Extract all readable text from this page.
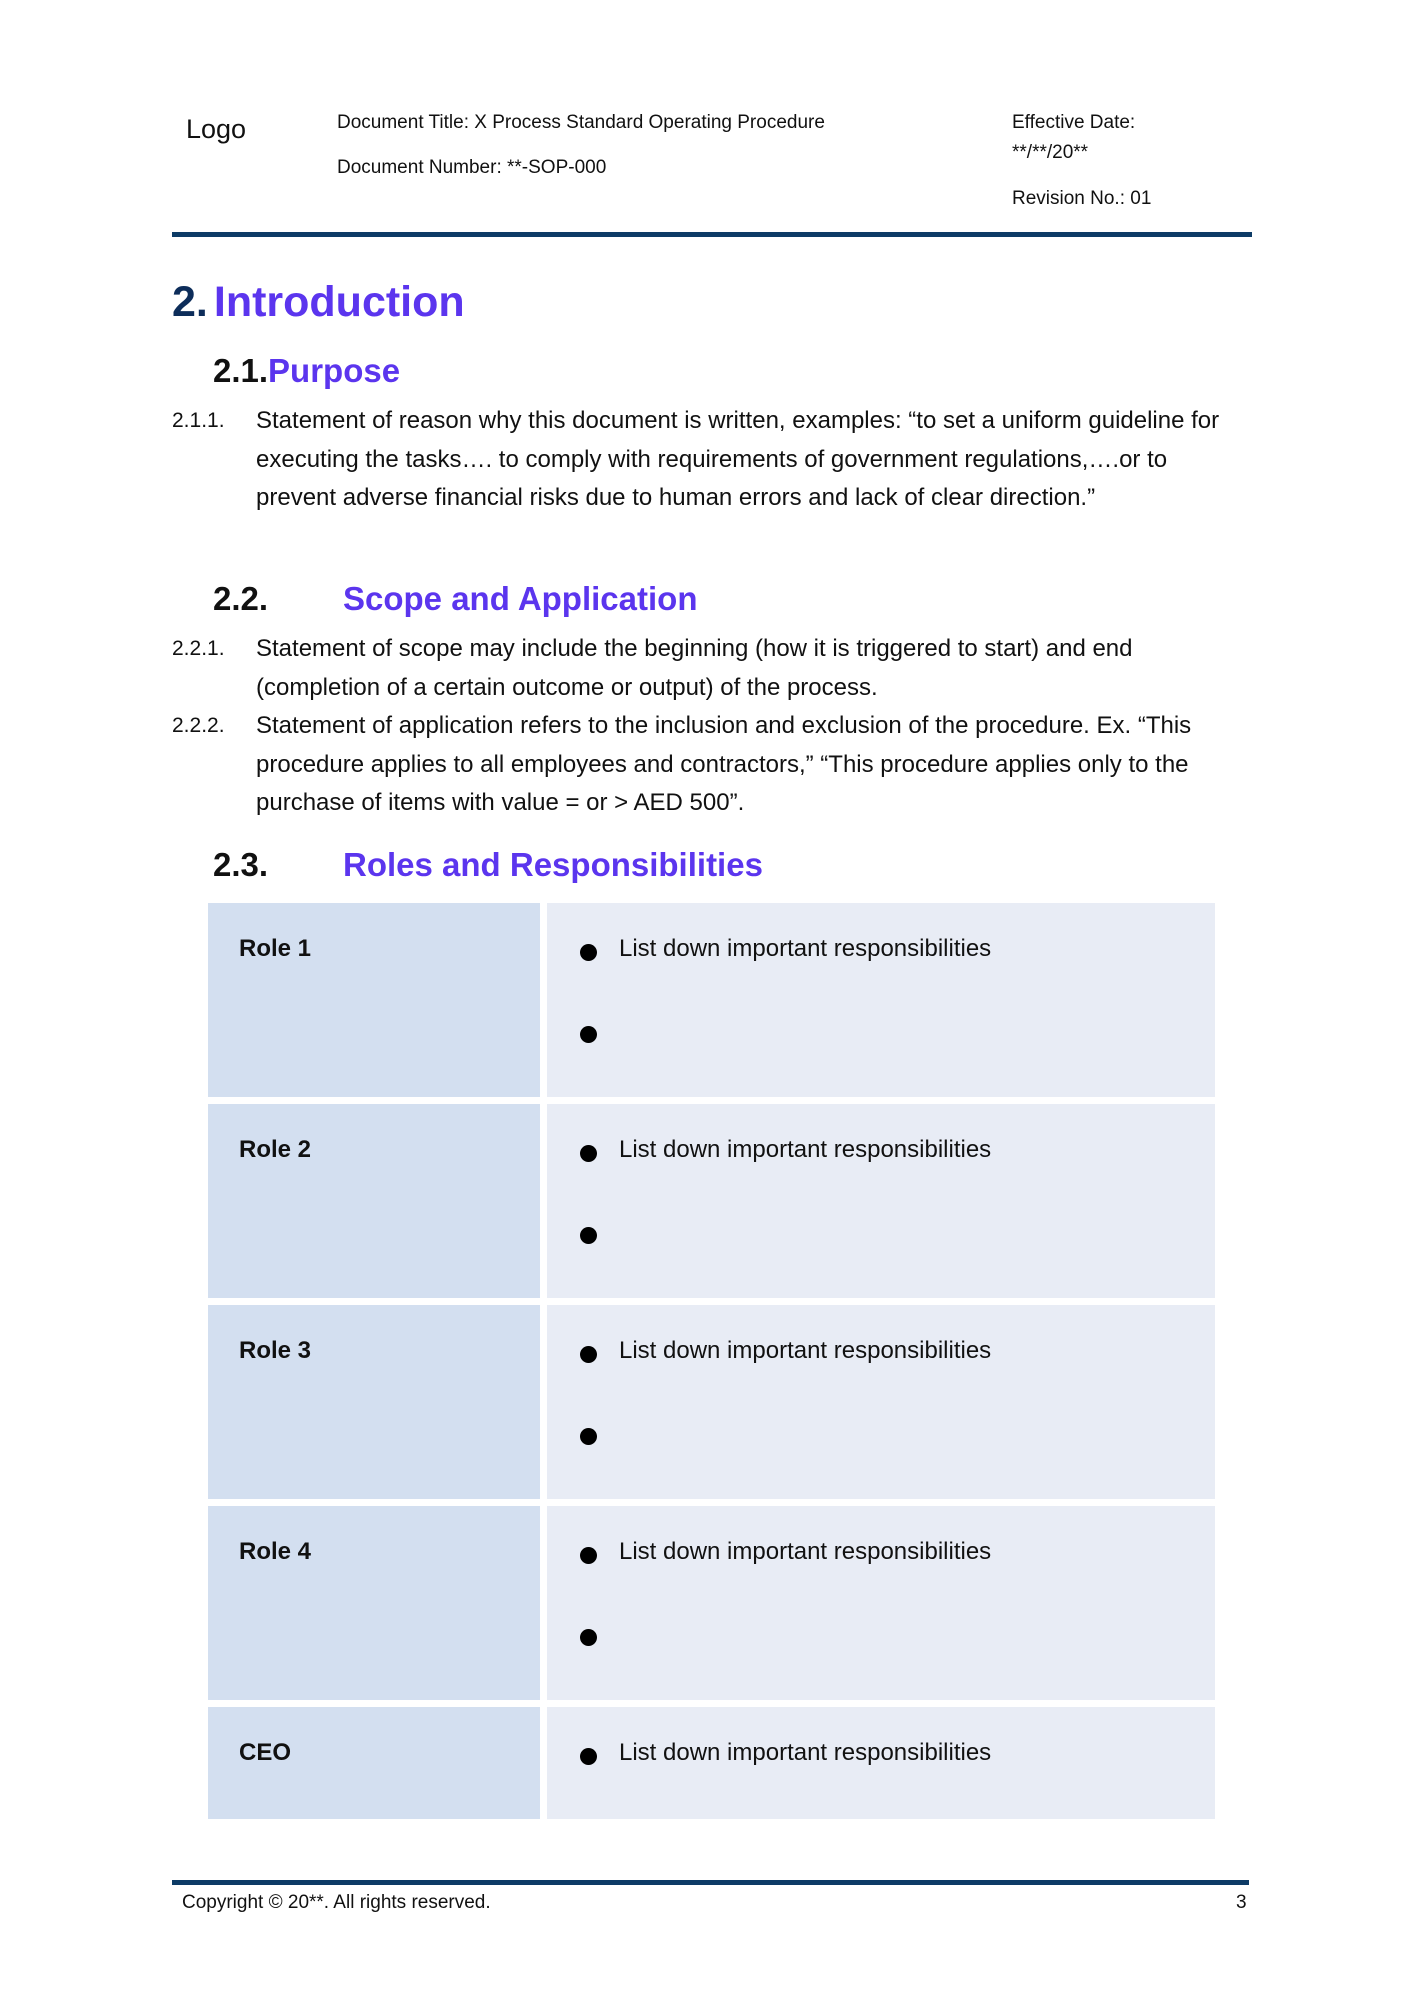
Logo	Document Title: X Process Standard Operating Procedure
Document Number: **-SOP-000
Effective Date:
**/**/20**
Revision No.: 01
2. Introduction
2.1.Purpose
2.1.1. Statement of reason why this document is written, examples: “to set a uniform guideline for executing the tasks…. to comply with requirements of government regulations,….or to prevent adverse financial risks due to human errors and lack of clear direction.”
2.2. Scope and Application
2.2.1. Statement of scope may include the beginning (how it is triggered to start) and end (completion of a certain outcome or output) of the process.
2.2.2. Statement of application refers to the inclusion and exclusion of the procedure. Ex. “This procedure applies to all employees and contractors,” “This procedure applies only to the purchase of items with value = or > AED 500”.
2.3. Roles and Responsibilities
Role 1	List down important responsibilities
Role 2	List down important responsibilities
Role 3	List down important responsibilities
Role 4	List down important responsibilities
CEO	List down important responsibilities
Copyright © 20**. All rights reserved.	3
